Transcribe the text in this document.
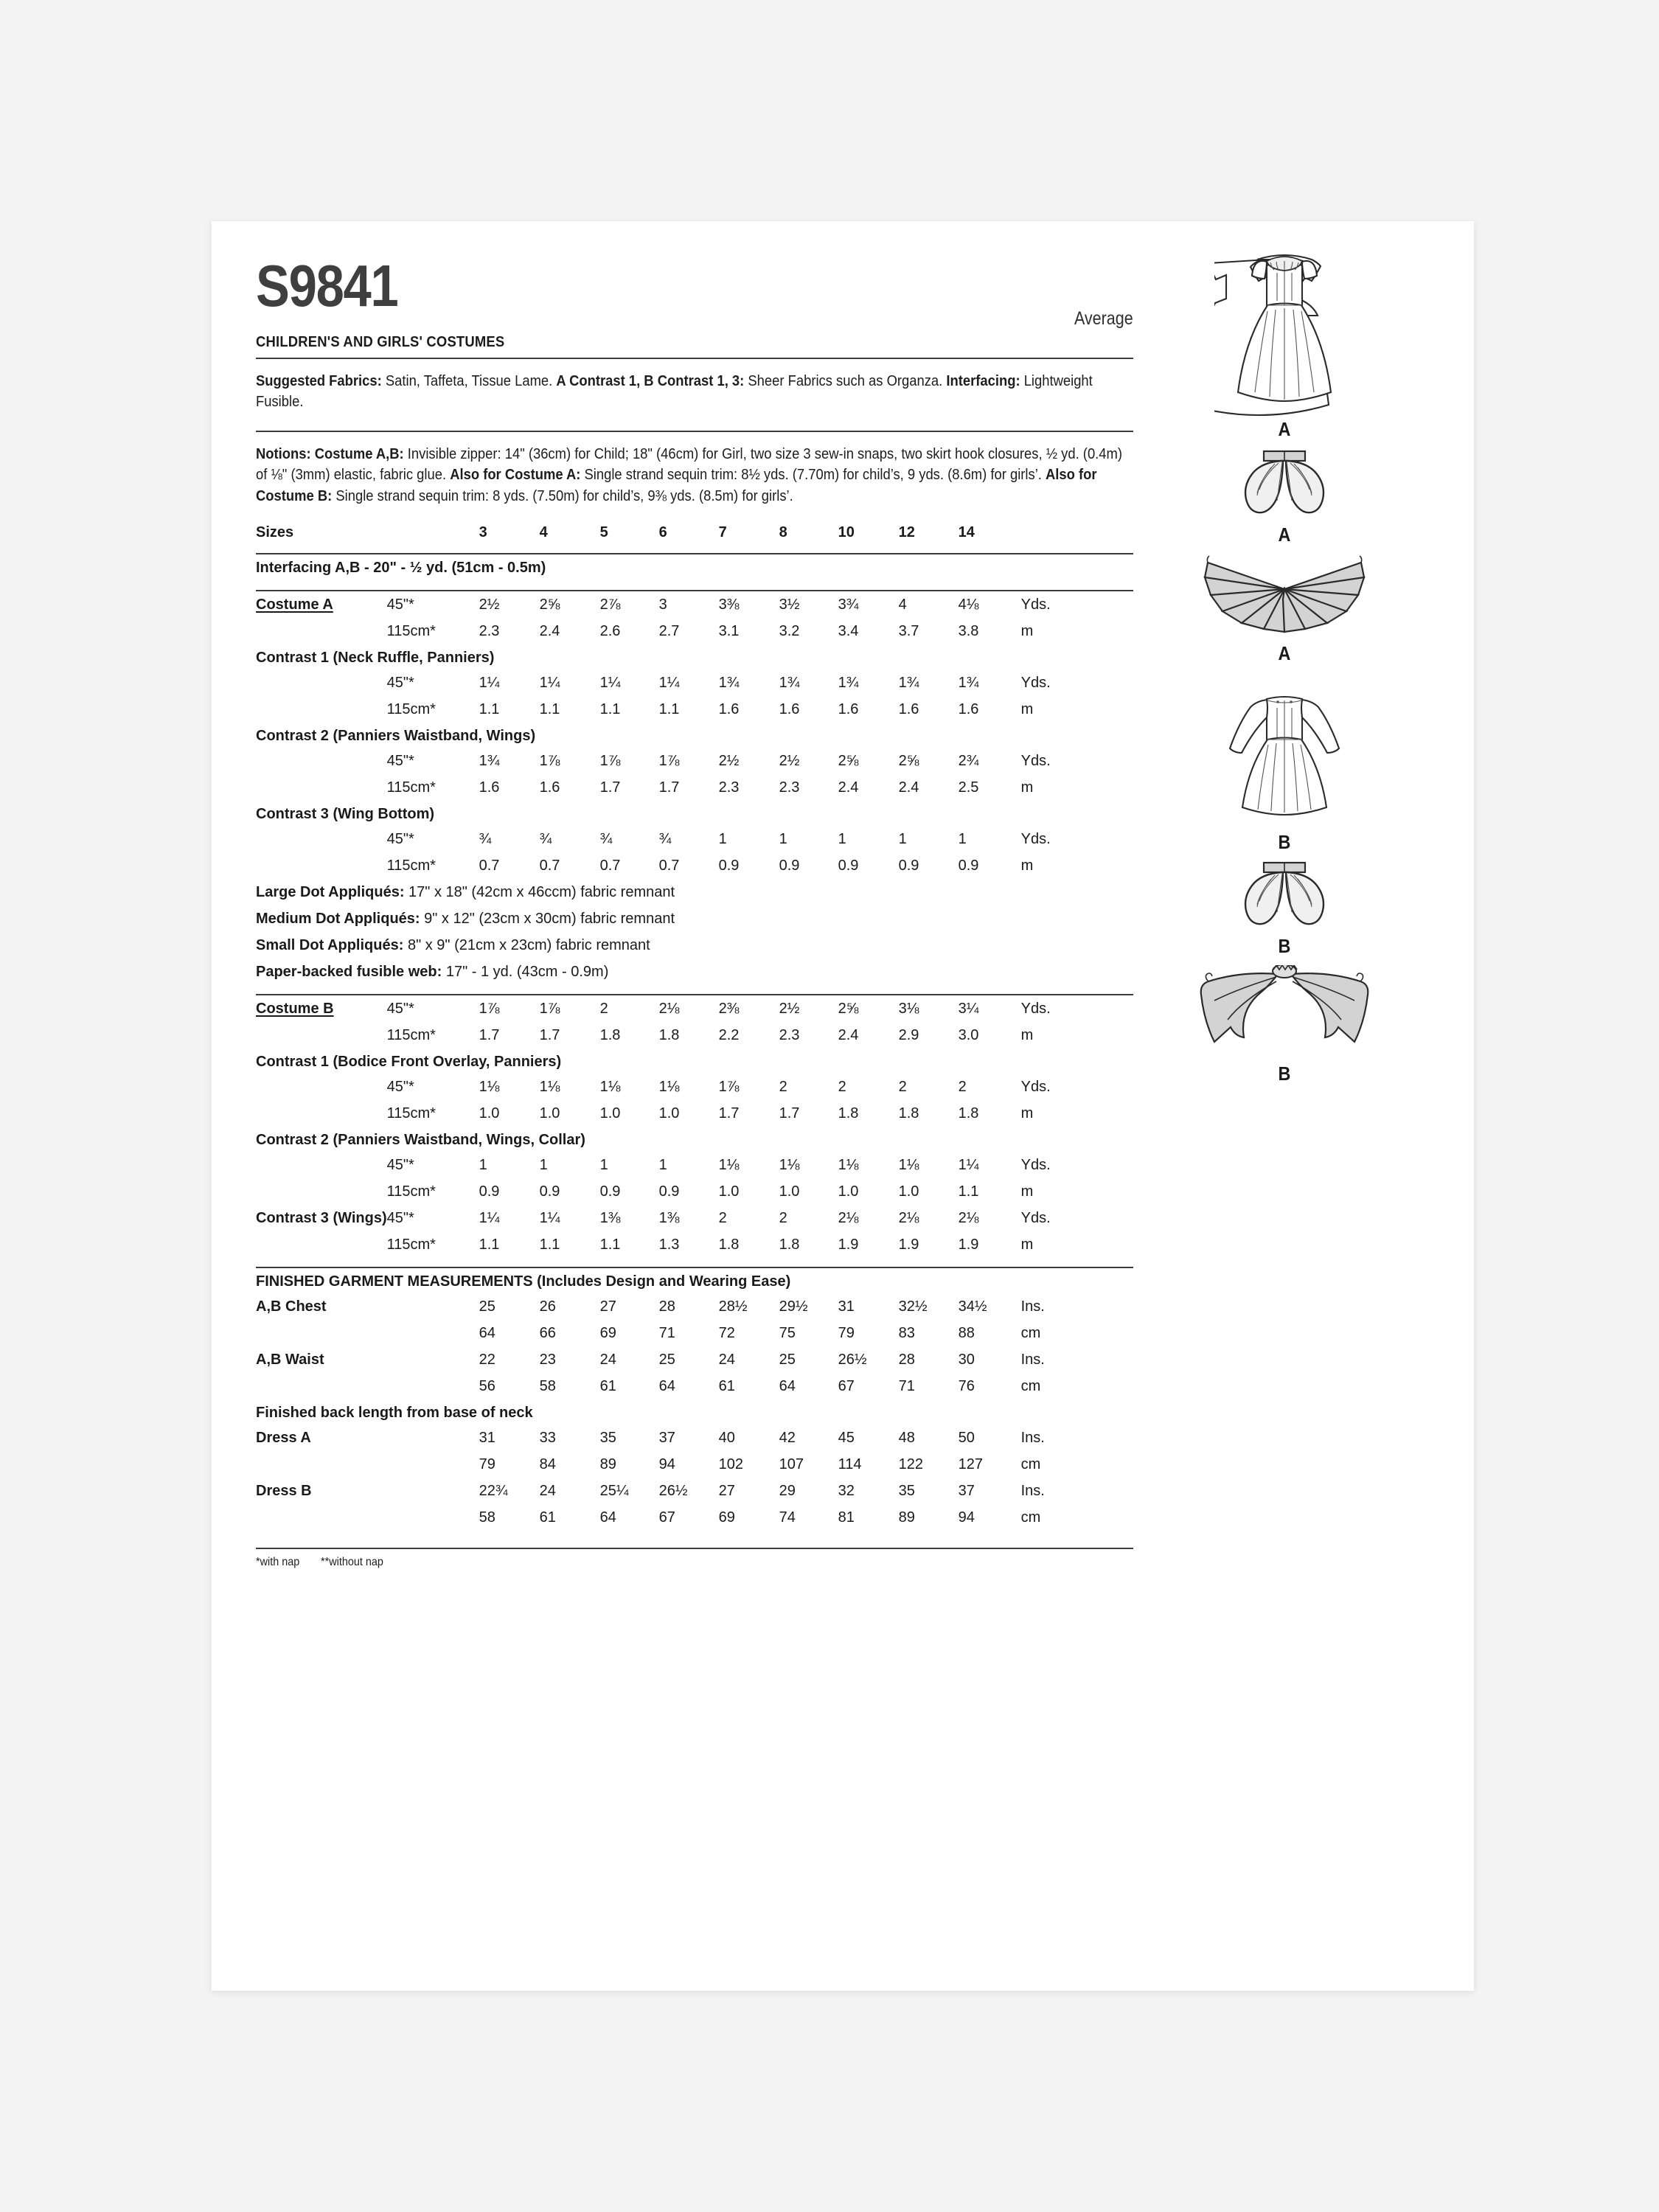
S9841	Average
CHILDREN'S AND GIRLS' COSTUMES
Suggested Fabrics: Satin, Taffeta, Tissue Lame. A Contrast 1, B Contrast 1, 3: Sheer Fabrics such as Organza. Interfacing: Lightweight Fusible.
Notions: Costume A,B: Invisible zipper: 14" (36cm) for Child; 18" (46cm) for Girl, two size 3 sew-in snaps, two skirt hook closures, ½ yd. (0.4m) of ⅛" (3mm) elastic, fabric glue. Also for Costume A: Single strand sequin trim: 8½ yds. (7.70m) for child’s, 9 yds. (8.6m) for girls’. Also for Costume B: Single strand sequin trim: 8 yds. (7.50m) for child’s, 9⅜ yds. (8.5m) for girls’.
Sizes		3	4	5	6	7	8	10	12	14	

Interfacing A,B - 20" - ½ yd. (51cm - 0.5m)											

Costume A	45"*	2½	2⅝	2⅞	3	3⅜	3½	3¾	4	4⅛	Yds.
	115cm*	2.3	2.4	2.6	2.7	3.1	3.2	3.4	3.7	3.8	m
Contrast 1 (Neck Ruffle, Panniers)											
	45"*	1¼	1¼	1¼	1¼	1¾	1¾	1¾	1¾	1¾	Yds.
	115cm*	1.1	1.1	1.1	1.1	1.6	1.6	1.6	1.6	1.6	m
Contrast 2 (Panniers Waistband, Wings)											
	45"*	1¾	1⅞	1⅞	1⅞	2½	2½	2⅝	2⅝	2¾	Yds.
	115cm*	1.6	1.6	1.7	1.7	2.3	2.3	2.4	2.4	2.5	m
Contrast 3 (Wing Bottom)											
	45"*	¾	¾	¾	¾	1	1	1	1	1	Yds.
	115cm*	0.7	0.7	0.7	0.7	0.9	0.9	0.9	0.9	0.9	m
Large Dot Appliqués: 17" x 18" (42cm x 46ccm) fabric remnant											
Medium Dot Appliqués: 9" x 12" (23cm x 30cm) fabric remnant											
Small Dot Appliqués: 8" x 9" (21cm x 23cm) fabric remnant											
Paper-backed fusible web: 17" - 1 yd. (43cm - 0.9m)											

Costume B	45"*	1⅞	1⅞	2	2⅛	2⅜	2½	2⅝	3⅛	3¼	Yds.
	115cm*	1.7	1.7	1.8	1.8	2.2	2.3	2.4	2.9	3.0	m
Contrast 1 (Bodice Front Overlay, Panniers)											
	45"*	1⅛	1⅛	1⅛	1⅛	1⅞	2	2	2	2	Yds.
	115cm*	1.0	1.0	1.0	1.0	1.7	1.7	1.8	1.8	1.8	m
Contrast 2 (Panniers Waistband, Wings, Collar)											
	45"*	1	1	1	1	1⅛	1⅛	1⅛	1⅛	1¼	Yds.
	115cm*	0.9	0.9	0.9	0.9	1.0	1.0	1.0	1.0	1.1	m
Contrast 3 (Wings)	45"*	1¼	1¼	1⅜	1⅜	2	2	2⅛	2⅛	2⅛	Yds.
	115cm*	1.1	1.1	1.1	1.3	1.8	1.8	1.9	1.9	1.9	m

FINISHED GARMENT MEASUREMENTS (Includes Design and Wearing Ease)											
A,B Chest		25	26	27	28	28½	29½	31	32½	34½	Ins.
		64	66	69	71	72	75	79	83	88	cm
A,B Waist		22	23	24	25	24	25	26½	28	30	Ins.
		56	58	61	64	61	64	67	71	76	cm
Finished back length from base of neck											
Dress A		31	33	35	37	40	42	45	48	50	Ins.
		79	84	89	94	102	107	114	122	127	cm
Dress B		22¾	24	25¼	26½	27	29	32	35	37	Ins.
		58	61	64	67	69	74	81	89	94	cm
*with nap **without nap
A
A
A
B
B
B
